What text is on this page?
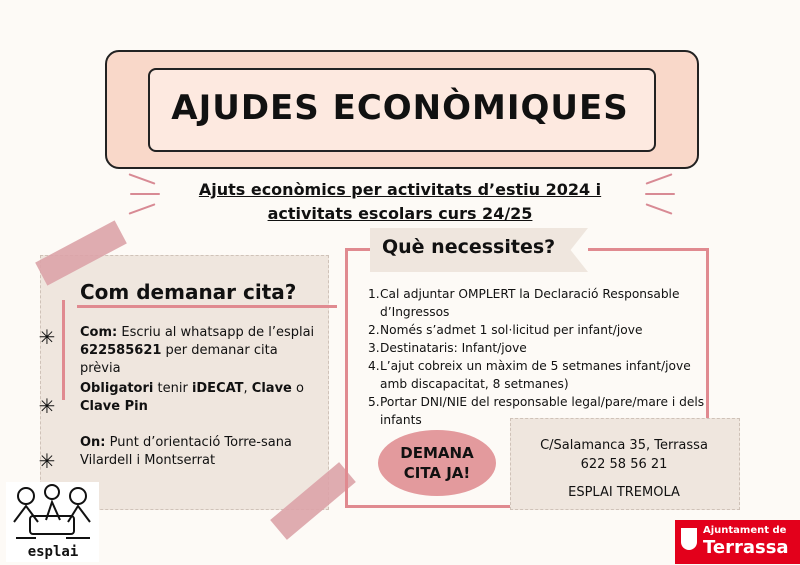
AJUDES ECONÒMIQUES
Ajuts econòmics per activitats d’estiu 2024 i
activitats escolars curs 24/25
Com demanar cita?
✳
✳
✳
Com: Escriu al whatsapp de l’esplai 622585621 per demanar cita prèvia
Obligatori tenir iDECAT, Clave o
Clave Pin
On: Punt d’orientació Torre-sana Vilardell i Montserrat
Què necessites?
1. Cal adjuntar OMPLERT la Declaració Responsable d’Ingressos
2. Només s’admet 1 sol·licitud per infant/jove
3. Destinataris: Infant/jove
4. L’ajut cobreix un màxim de 5 setmanes infant/jove amb discapacitat, 8 setmanes)
5. Portar DNI/NIE del responsable legal/pare/mare i dels infants
C/Salamanca 35, Terrassa
622 58 56 21
ESPLAI TREMOLA
DEMANA
CITA JA!
esplai
Ajuntament de
Terrassa
